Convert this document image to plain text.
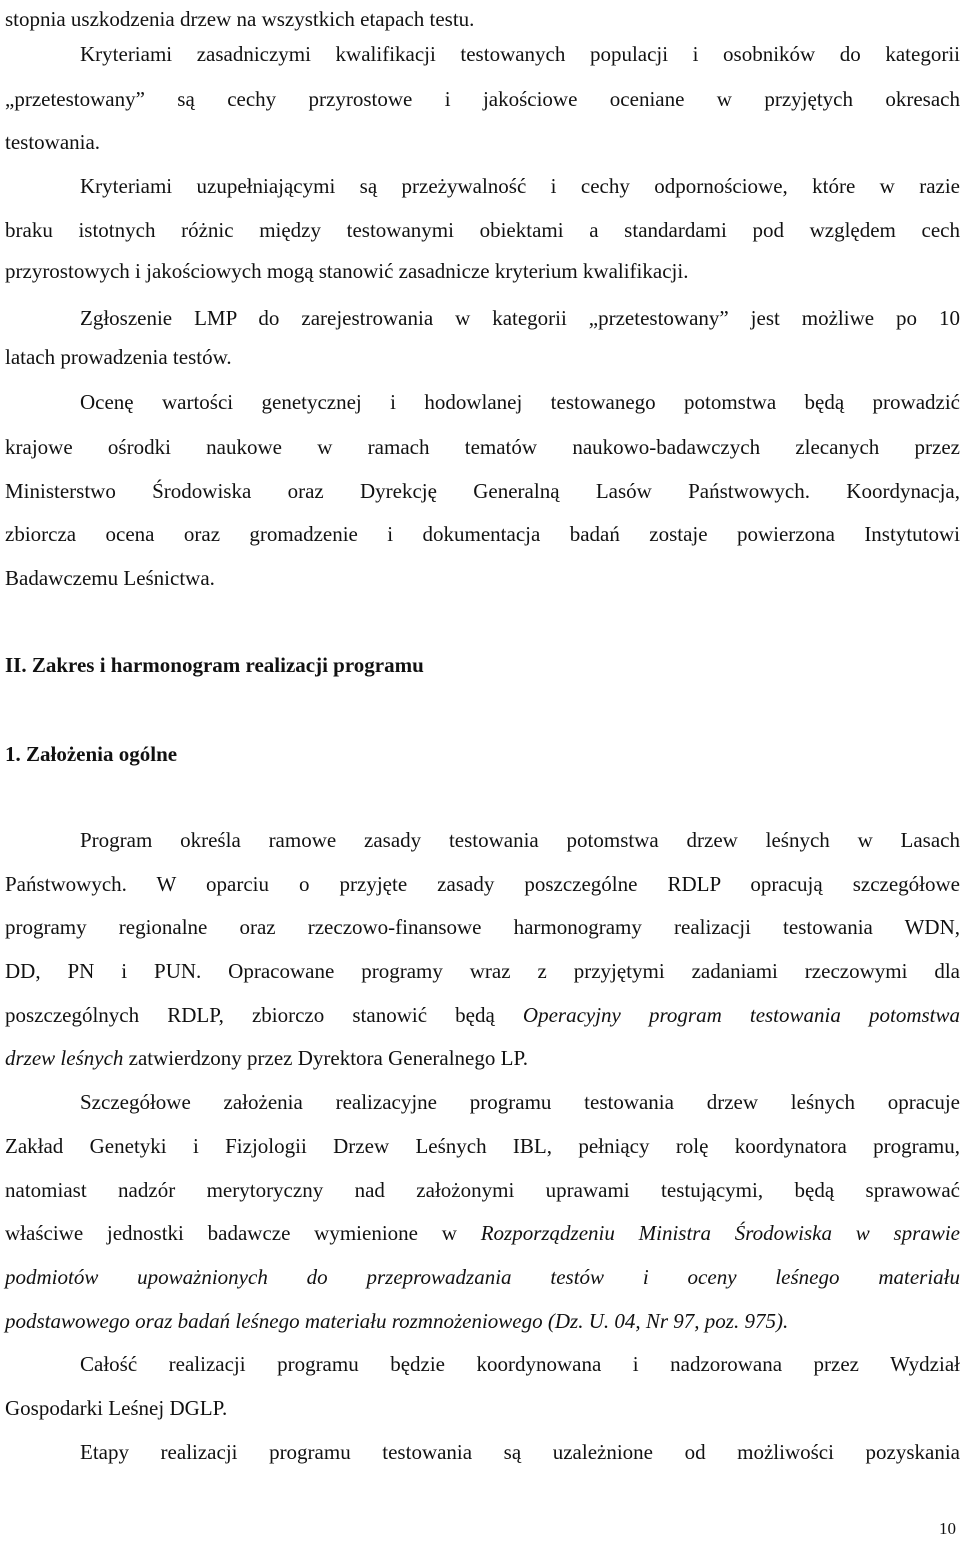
II. Zakres i harmonogram realizacji programu
1. Założenia ogólne
stopnia uszkodzenia drzew na wszystkich etapach testu.
Kryteriami zasadniczymi kwalifikacji testowanych populacji i osobników do kategorii
„przetestowany” są cechy przyrostowe i jakościowe oceniane w przyjętych okresach
testowania.
Kryteriami uzupełniającymi są przeżywalność i cechy odpornościowe, które w razie
braku istotnych różnic między testowanymi obiektami a standardami pod względem cech
przyrostowych i jakościowych mogą stanowić zasadnicze kryterium kwalifikacji.
Zgłoszenie LMP do zarejestrowania w kategorii „przetestowany” jest możliwe po 10
latach prowadzenia testów.
Ocenę wartości genetycznej i hodowlanej testowanego potomstwa będą prowadzić
krajowe ośrodki naukowe w ramach tematów naukowo-badawczych zlecanych przez
Ministerstwo Środowiska oraz Dyrekcję Generalną Lasów Państwowych. Koordynacja,
zbiorcza ocena oraz gromadzenie i dokumentacja badań zostaje powierzona Instytutowi
Badawczemu Leśnictwa.
Program określa ramowe zasady testowania potomstwa drzew leśnych w Lasach
Państwowych. W oparciu o przyjęte zasady poszczególne RDLP opracują szczegółowe
programy regionalne oraz rzeczowo-finansowe harmonogramy realizacji testowania WDN,
DD, PN i PUN. Opracowane programy wraz z przyjętymi zadaniami rzeczowymi dla
poszczególnych RDLP, zbiorczo stanowić będą Operacyjny program testowania potomstwa
drzew leśnych zatwierdzony przez Dyrektora Generalnego LP.
Szczegółowe założenia realizacyjne programu testowania drzew leśnych opracuje
Zakład Genetyki i Fizjologii Drzew Leśnych IBL, pełniący rolę koordynatora programu,
natomiast nadzór merytoryczny nad założonymi uprawami testującymi, będą sprawować
właściwe jednostki badawcze wymienione w Rozporządzeniu Ministra Środowiska w sprawie
podmiotów upoważnionych do przeprowadzania testów i oceny leśnego materiału
podstawowego oraz badań leśnego materiału rozmnożeniowego (Dz. U. 04, Nr 97, poz. 975).
Całość realizacji programu będzie koordynowana i nadzorowana przez Wydział
Gospodarki Leśnej DGLP.
Etapy realizacji programu testowania są uzależnione od możliwości pozyskania
10
